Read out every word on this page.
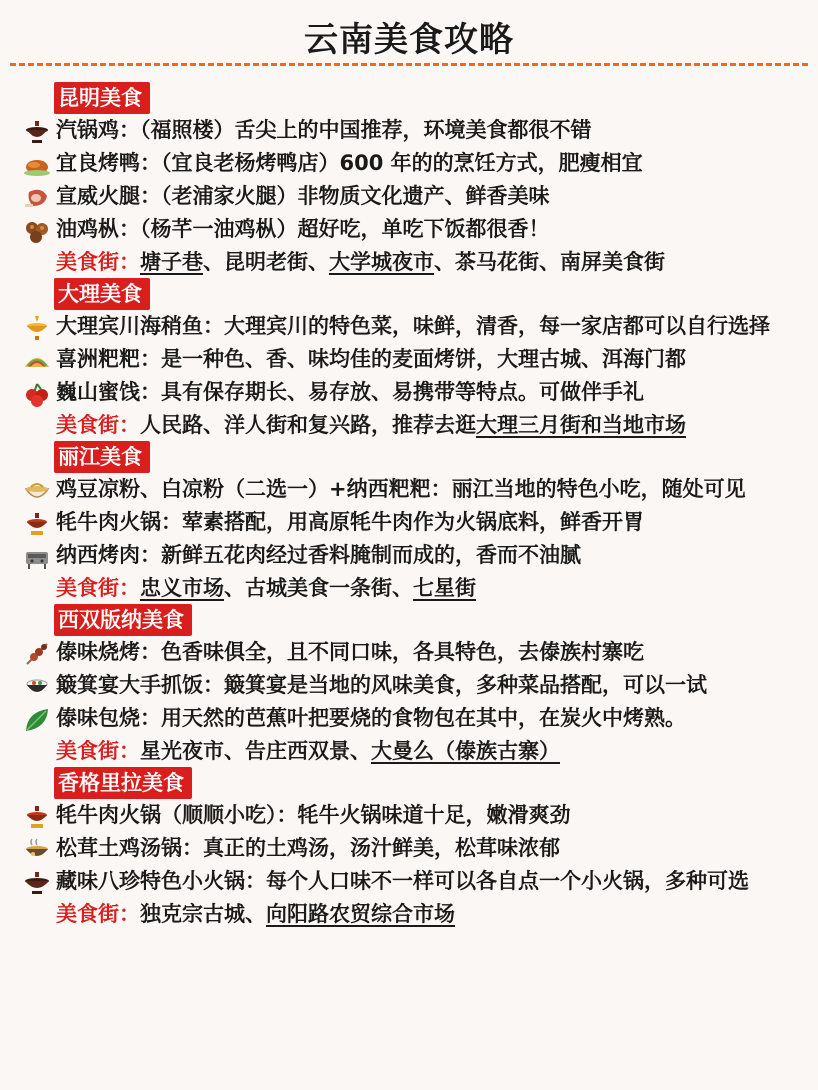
云南美食攻略
昆明美食
汽锅鸡：（福照楼）舌尖上的中国推荐，环境美食都很不错
宜良烤鸭：（宜良老杨烤鸭店）600 年的的烹饪方式，肥瘦相宜
宣威火腿：（老浦家火腿）非物质文化遗产、鲜香美味
油鸡枞：（杨芊一油鸡枞）超好吃，单吃下饭都很香！
美食街：塘子巷、昆明老街、大学城夜市、茶马花街、南屏美食街
大理美食
大理宾川海稍鱼：大理宾川的特色菜，味鲜，清香，每一家店都可以自行选择
喜洲粑粑：是一种色、香、味均佳的麦面烤饼，大理古城、洱海门都
巍山蜜饯：具有保存期长、易存放、易携带等特点。可做伴手礼
美食街：人民路、洋人街和复兴路，推荐去逛大理三月街和当地市场
丽江美食
鸡豆凉粉、白凉粉（二选一）+纳西粑粑：丽江当地的特色小吃，随处可见
牦牛肉火锅：荤素搭配，用高原牦牛肉作为火锅底料，鲜香开胃
纳西烤肉：新鲜五花肉经过香料腌制而成的，香而不油腻
美食街：忠义市场、古城美食一条街、七星街
西双版纳美食
傣味烧烤：色香味俱全，且不同口味，各具特色，去傣族村寨吃
簸箕宴大手抓饭：簸箕宴是当地的风味美食，多种菜品搭配，可以一试
傣味包烧：用天然的芭蕉叶把要烧的食物包在其中，在炭火中烤熟。
美食街：星光夜市、告庄西双景、大曼么（傣族古寨）
香格里拉美食
牦牛肉火锅（顺顺小吃）：牦牛火锅味道十足，嫩滑爽劲
松茸土鸡汤锅：真正的土鸡汤，汤汁鲜美，松茸味浓郁
藏味八珍特色小火锅：每个人口味不一样可以各自点一个小火锅，多种可选
美食街：独克宗古城、向阳路农贸综合市场
